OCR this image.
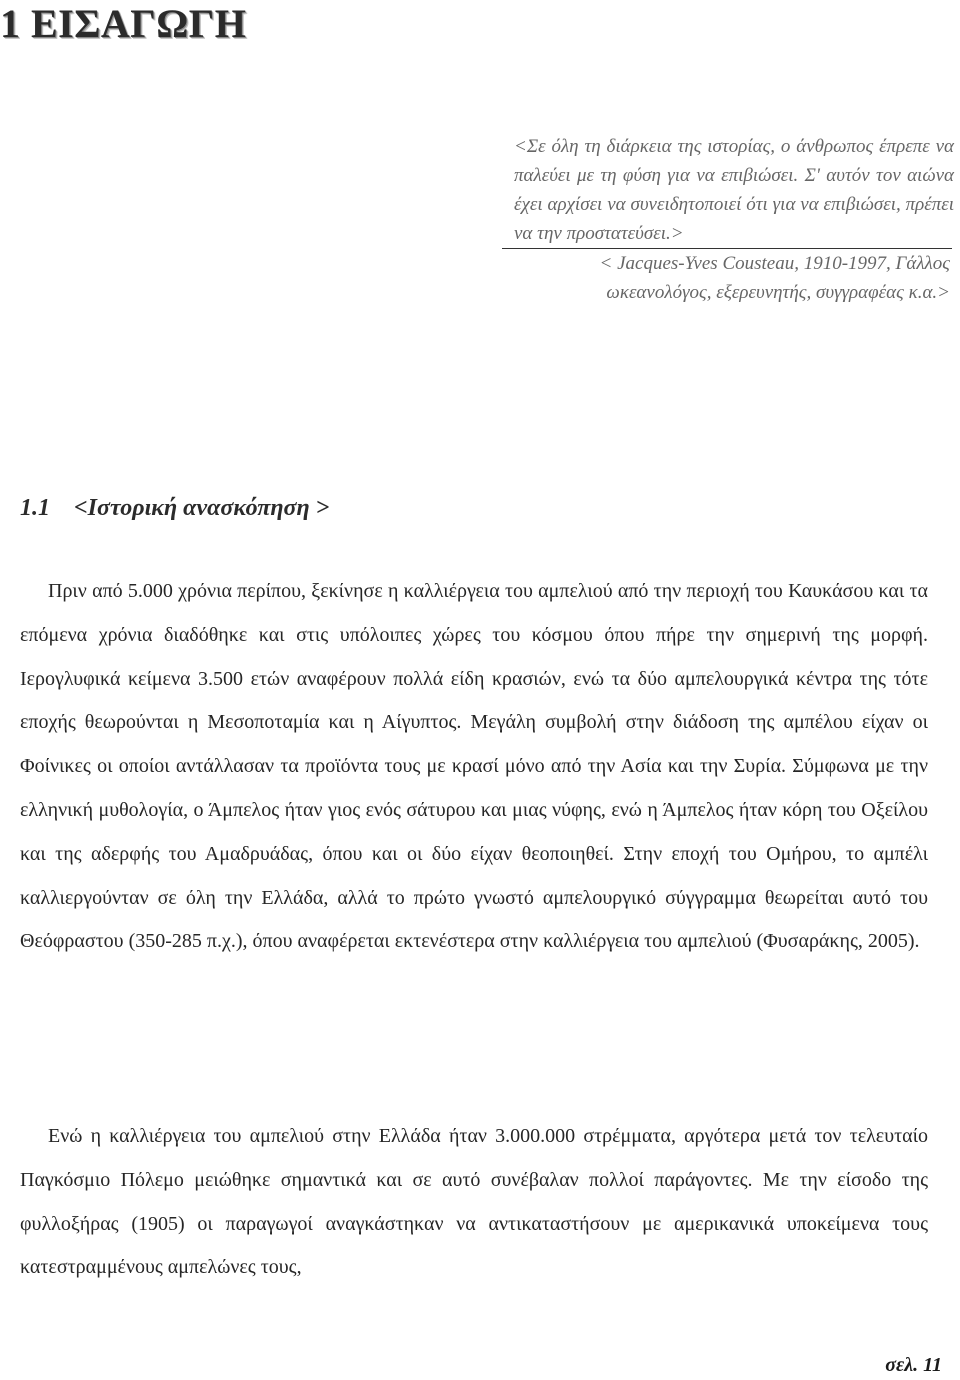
1 ΕΙΣΑΓΩΓΗ
<Σε όλη τη διάρκεια της ιστορίας, ο άνθρωπος έπρεπε να παλεύει με τη φύση για να επιβιώσει. Σ' αυτόν τον αιώνα έχει αρχίσει να συνειδητοποιεί ότι για να επιβιώσει, πρέπει να την προστατεύσει.>
< Jacques-Yves Cousteau, 1910-1997, Γάλλος ωκεανολόγος, εξερευνητής, συγγραφέας κ.α.>
1.1 <Ιστορική ανασκόπηση >

Πριν από 5.000 χρόνια περίπου, ξεκίνησε η καλλιέργεια του αμπελιού από την περιοχή του Καυκάσου και τα επόμενα χρόνια διαδόθηκε και στις υπόλοιπες χώρες του κόσμου όπου πήρε την σημερινή της μορφή. Ιερογλυφικά κείμενα 3.500 ετών αναφέρουν πολλά είδη κρασιών, ενώ τα δύο αμπελουργικά κέντρα της τότε εποχής θεωρούνται η Μεσοποταμία και η Αίγυπτος. Μεγάλη συμβολή στην διάδοση της αμπέλου είχαν οι Φοίνικες οι οποίοι αντάλλασαν τα προϊόντα τους με κρασί μόνο από την Ασία και την Συρία. Σύμφωνα με την ελληνική μυθολογία, ο Άμπελος ήταν γιος ενός σάτυρου και μιας νύφης, ενώ η Άμπελος ήταν κόρη του Οξείλου και της αδερφής του Αμαδρυάδας, όπου και οι δύο είχαν θεοποιηθεί. Στην εποχή του Ομήρου, το αμπέλι καλλιεργούνταν σε όλη την Ελλάδα, αλλά το πρώτο γνωστό αμπελουργικό σύγγραμμα θεωρείται αυτό του Θεόφραστου (350-285 π.χ.), όπου αναφέρεται εκτενέστερα στην καλλιέργεια του αμπελιού (Φυσαράκης, 2005).

Ενώ η καλλιέργεια του αμπελιού στην Ελλάδα ήταν 3.000.000 στρέμματα, αργότερα μετά τον τελευταίο Παγκόσμιο Πόλεμο μειώθηκε σημαντικά και σε αυτό συνέβαλαν πολλοί παράγοντες. Με την είσοδο της φυλλοξήρας (1905) οι παραγωγοί αναγκάστηκαν να αντικαταστήσουν με αμερικανικά υποκείμενα τους κατεστραμμένους αμπελώνες τους,

σελ. 11
